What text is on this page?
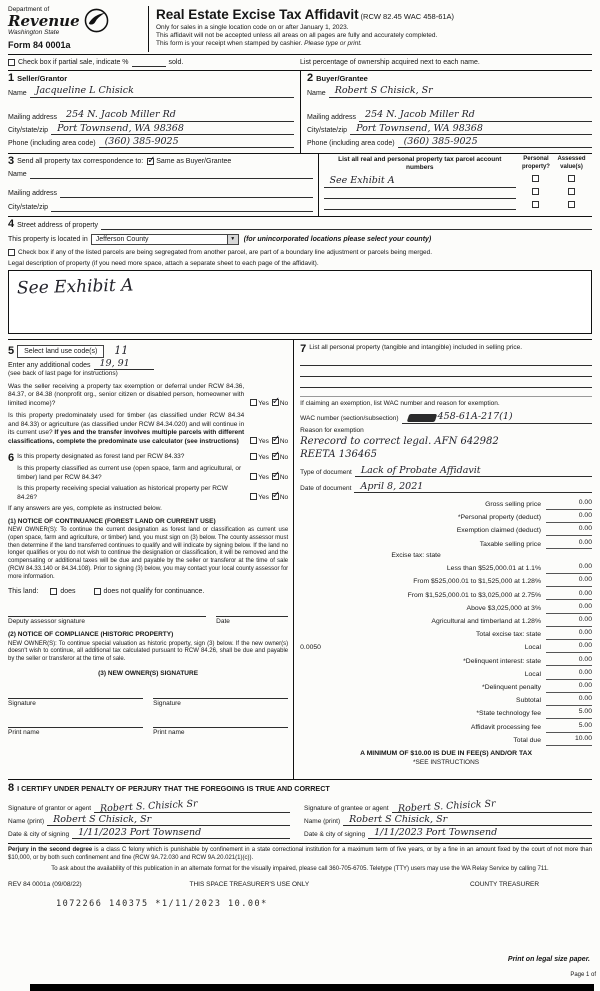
Department of
Revenue
Washington State
Form 84 0001a
Real Estate Excise Tax Affidavit (RCW 82.45 WAC 458-61A)
Only for sales in a single location code on or after January 1, 2023.
This affidavit will not be accepted unless all areas on all pages are fully and accurately completed.
This form is your receipt when stamped by cashier. Please type or print.
Check box if partial sale, indicate %	sold.	List percentage of ownership acquired next to each name.
1 Seller/Grantor
Name Jacqueline L Chisick
Mailing address 254 N. Jacob Miller Rd
City/state/zip Port Townsend, WA 98368
Phone (including area code) (360) 385-9025
2 Buyer/Grantee
Name Robert S Chisick, Sr
Mailing address 254 N. Jacob Miller Rd
City/state/zip Port Townsend, WA 98368
Phone (including area code) (360) 385-9025
3 Send all property tax correspondence to: ✓ Same as Buyer/Grantee
Name
Mailing address
City/state/zip
List all real and personal property tax parcel account numbers
See Exhibit A
Personal property?
Assessed value(s)
4 Street address of property
This property is located in	Jefferson County	▼	(for unincorporated locations please select your county)
Check box if any of the listed parcels are being segregated from another parcel, are part of a boundary line adjustment or parcels being merged.
Legal description of property (if you need more space, attach a separate sheet to each page of the affidavit).
See Exhibit A
5	Select land use code(s)	11
Enter any additional codes 19, 91
(see back of last page for instructions)
Was the seller receiving a property tax exemption or deferral under RCW 84.36, 84.37, or 84.38 (nonprofit org., senior citizen or disabled person, homeowner with limited income)?	Yes ✓ No
Is this property predominately used for timber (as classified under RCW 84.34 and 84.33) or agriculture (as classified under RCW 84.34.020) and will continue in its current use? If yes and the transfer involves multiple parcels with different classifications, complete the predominate use calculator (see instructions)	Yes ✓ No
6 Is this property designated as forest land per RCW 84.33?	Yes ✓ No
Is this property classified as current use (open space, farm and agricultural, or timber) land per RCW 84.34?	Yes ✓ No
Is this property receiving special valuation as historical property per RCW 84.26?	Yes ✓ No
If any answers are yes, complete as instructed below.
(1) NOTICE OF CONTINUANCE (FOREST LAND OR CURRENT USE)
NEW OWNER(S): To continue the current designation as forest land or classification as current use (open space, farm and agriculture, or timber) land, you must sign on (3) below. The county assessor must then determine if the land transferred continues to qualify and will indicate by signing below. If the land no longer qualifies or you do not wish to continue the designation or classification, it will be removed and the compensating or additional taxes will be due and payable by the seller or transferor at the time of sale (RCW 84.33.140 or 84.34.108). Prior to signing (3) below, you may contact your local county assessor for more information.
This land:	does	does not qualify for continuance.
Deputy assessor signature	Date
(2) NOTICE OF COMPLIANCE (HISTORIC PROPERTY)
NEW OWNER(S): To continue special valuation as historic property, sign (3) below. If the new owner(s) doesn't wish to continue, all additional tax calculated pursuant to RCW 84.26, shall be due and payable by the seller or transferor at the time of sale.
(3) NEW OWNER(S) SIGNATURE
Signature	Signature
Print name	Print name
7 List all personal property (tangible and intangible) included in selling price.
If claiming an exemption, list WAC number and reason for exemption.
WAC number (section/subsection)	458-61A-217(1)
Reason for exemption
Rerecord to correct legal. AFN 642982
REETA 136465
Type of document Lack of Probate Affidavit
Date of document April 8, 2021
Gross selling price	0.00
*Personal property (deduct)	0.00
Exemption claimed (deduct)	0.00
Taxable selling price	0.00
Excise tax: state
Less than $525,000.01 at 1.1%	0.00
From $525,000.01 to $1,525,000 at 1.28%	0.00
From $1,525,000.01 to $3,025,000 at 2.75%	0.00
Above $3,025,000 at 3%	0.00
Agricultural and timberland at 1.28%	0.00
Total excise tax: state	0.00
0.0050	Local	0.00
*Delinquent interest: state	0.00
Local	0.00
*Delinquent penalty	0.00
Subtotal	0.00
*State technology fee	5.00
Affidavit processing fee	5.00
Total due	10.00
A MINIMUM OF $10.00 IS DUE IN FEE(S) AND/OR TAX
*SEE INSTRUCTIONS
8 I CERTIFY UNDER PENALTY OF PERJURY THAT THE FOREGOING IS TRUE AND CORRECT
Signature of grantor or agent Robert S. Chisick Sr
Name (print) Robert S Chisick, Sr
Date & city of signing 1/11/2023 Port Townsend
Signature of grantee or agent Robert S. Chisick Sr
Name (print) Robert S Chisick, Sr
Date & city of signing 1/11/2023 Port Townsend
Perjury in the second degree is a class C felony which is punishable by confinement in a state correctional institution for a maximum term of five years, or by a fine in an amount fixed by the court of not more than $10,000, or by both such confinement and fine (RCW 9A.72.030 and RCW 9A.20.021(1)(c)).
To ask about the availability of this publication in an alternate format for the visually impaired, please call 360-705-6705. Teletype (TTY) users may use the WA Relay Service by calling 711.
REV 84 0001a (09/08/22)	THIS SPACE TREASURER'S USE ONLY	COUNTY TREASURER
1072266 140375 *1/11/2023 10.00*
Print on legal size paper.
Page 1 of
